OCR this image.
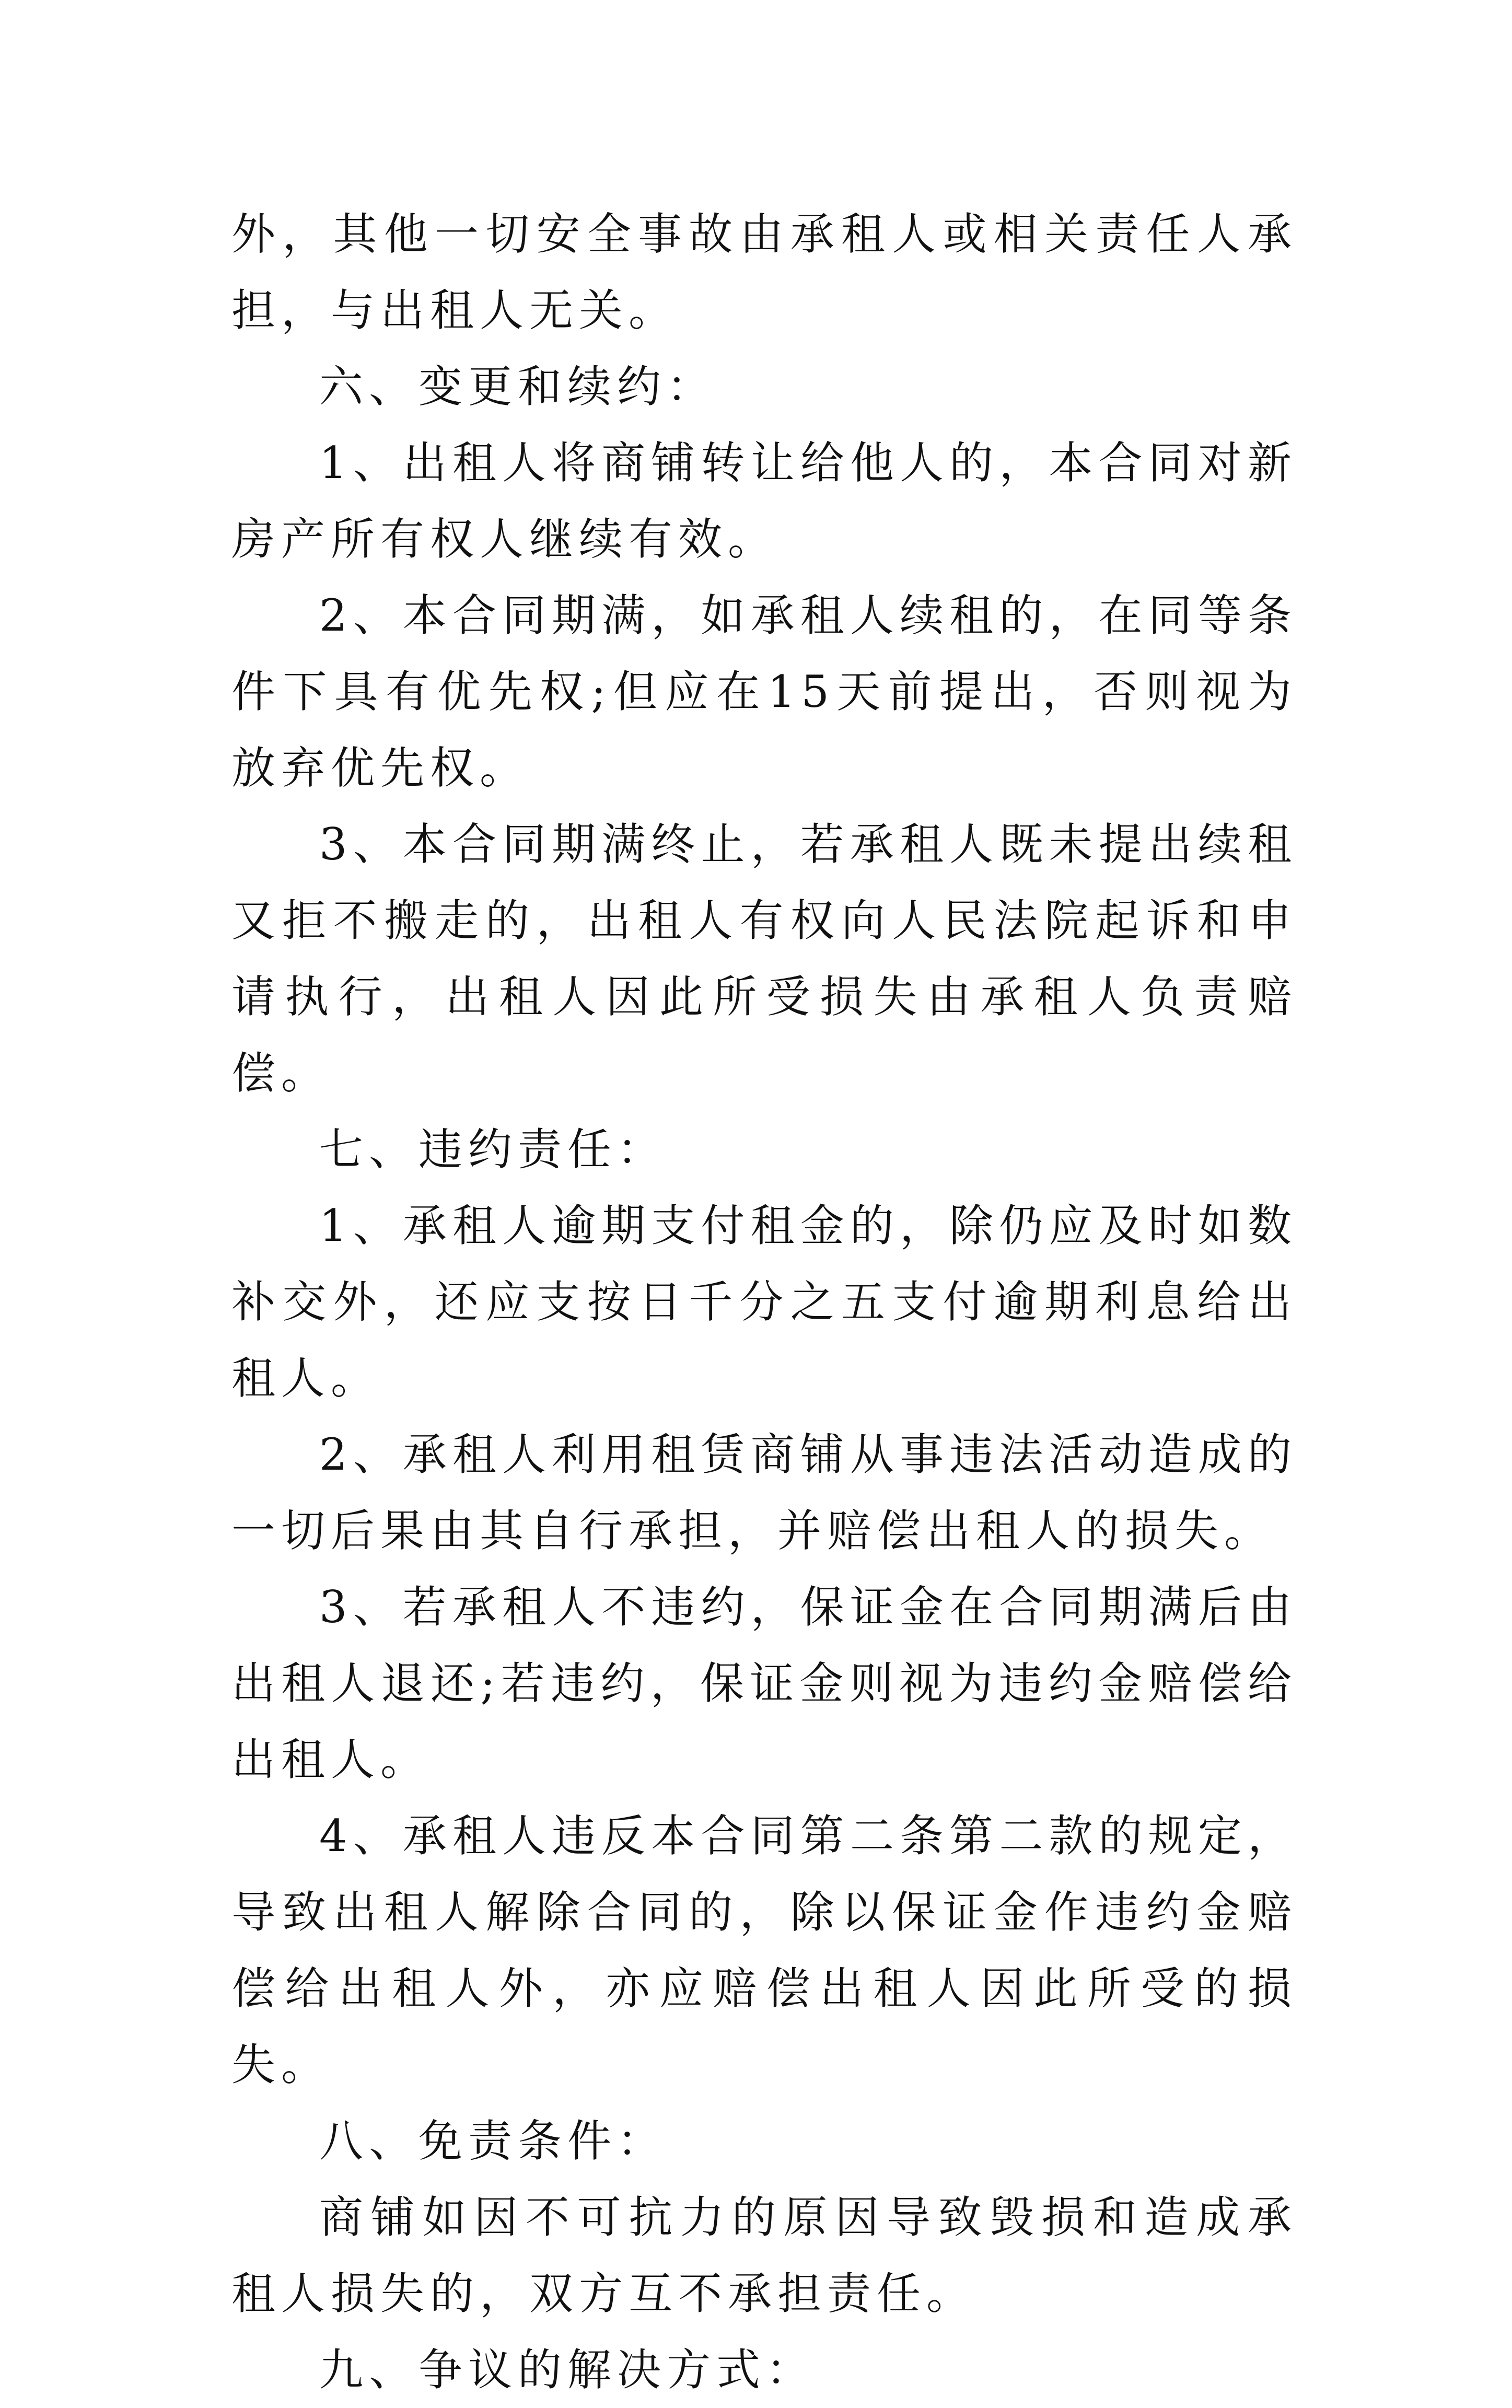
外，其他一切安全事故由承租人或相关责任人承担，与出租人无关。

六、变更和续约：

1、出租人将商铺转让给他人的，本合同对新房产所有权人继续有效。

2、本合同期满，如承租人续租的，在同等条件下具有优先权;但应在15天前提出，否则视为放弃优先权。

3、本合同期满终止，若承租人既未提出续租又拒不搬走的，出租人有权向人民法院起诉和申请执行，出租人因此所受损失由承租人负责赔偿。

七、违约责任：

1、承租人逾期支付租金的，除仍应及时如数补交外，还应支按日千分之五支付逾期利息给出租人。

2、承租人利用租赁商铺从事违法活动造成的一切后果由其自行承担，并赔偿出租人的损失。

3、若承租人不违约，保证金在合同期满后由出租人退还;若违约，保证金则视为违约金赔偿给出租人。

4、承租人违反本合同第二条第二款的规定，导致出租人解除合同的，除以保证金作违约金赔偿给出租人外，亦应赔偿出租人因此所受的损失。

八、免责条件：

商铺如因不可抗力的原因导致毁损和造成承租人损失的，双方互不承担责任。

九、争议的解决方式：
